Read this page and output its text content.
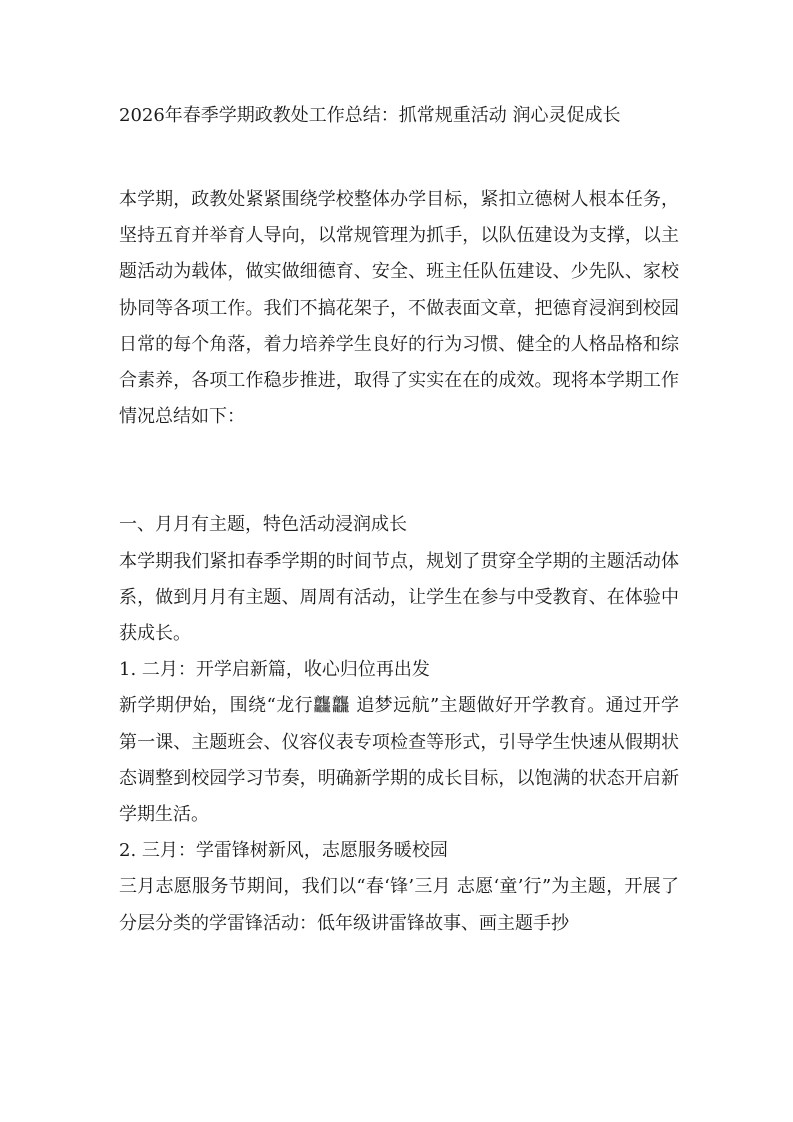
2026年春季学期政教处工作总结：抓常规重活动 润心灵促成长

本学期，政教处紧紧围绕学校整体办学目标，紧扣立德树人根本任务，坚持五育并举育人导向，以常规管理为抓手，以队伍建设为支撑，以主题活动为载体，做实做细德育、安全、班主任队伍建设、少先队、家校协同等各项工作。我们不搞花架子，不做表面文章，把德育浸润到校园日常的每个角落，着力培养学生良好的行为习惯、健全的人格品格和综合素养，各项工作稳步推进，取得了实实在在的成效。现将本学期工作情况总结如下：

一、月月有主题，特色活动浸润成长

本学期我们紧扣春季学期的时间节点，规划了贯穿全学期的主题活动体系，做到月月有主题、周周有活动，让学生在参与中受教育、在体验中获成长。

1. 二月：开学启新篇，收心归位再出发

新学期伊始，围绕“龙行龘龘 追梦远航”主题做好开学教育。通过开学第一课、主题班会、仪容仪表专项检查等形式，引导学生快速从假期状态调整到校园学习节奏，明确新学期的成长目标，以饱满的状态开启新学期生活。

2. 三月：学雷锋树新风，志愿服务暖校园

三月志愿服务节期间，我们以“春‘锋’三月 志愿‘童’行”为主题，开展了分层分类的学雷锋活动：低年级讲雷锋故事、画主题手抄
